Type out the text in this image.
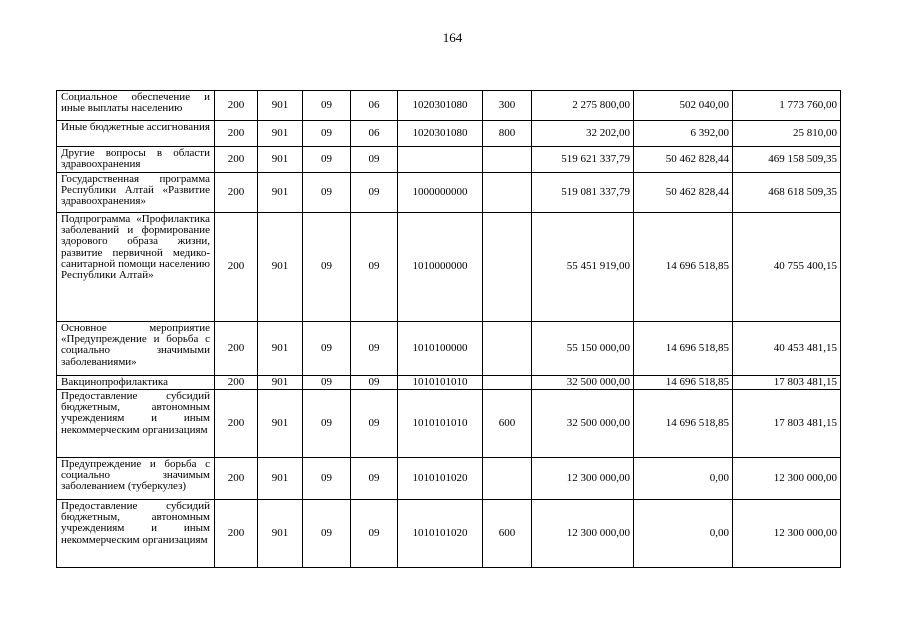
164
Социальное обеспечение и иные выплаты населению	200	901	09	06	1020301080	300	2 275 800,00	502 040,00	1 773 760,00
Иные бюджетные ассигнования	200	901	09	06	1020301080	800	32 202,00	6 392,00	25 810,00
Другие вопросы в области здравоохранения	200	901	09	09			519 621 337,79	50 462 828,44	469 158 509,35
Государственная программа Республики Алтай «Развитие здравоохранения»	200	901	09	09	1000000000		519 081 337,79	50 462 828,44	468 618 509,35
Подпрограмма «Профилактика заболеваний и формирование здорового образа жизни, развитие первичной медико-санитарной помощи населению Республики Алтай»	200	901	09	09	1010000000		55 451 919,00	14 696 518,85	40 755 400,15
Основное мероприятие «Предупреждение и борьба с социально значимыми заболеваниями»	200	901	09	09	1010100000		55 150 000,00	14 696 518,85	40 453 481,15
Вакцинопрофилактика	200	901	09	09	1010101010		32 500 000,00	14 696 518,85	17 803 481,15
Предоставление субсидий бюджетным, автономным учреждениям и иным некоммерческим организациям	200	901	09	09	1010101010	600	32 500 000,00	14 696 518,85	17 803 481,15
Предупреждение и борьба с социально значимым заболеванием (туберкулез)	200	901	09	09	1010101020		12 300 000,00	0,00	12 300 000,00
Предоставление субсидий бюджетным, автономным учреждениям и иным некоммерческим организациям	200	901	09	09	1010101020	600	12 300 000,00	0,00	12 300 000,00
